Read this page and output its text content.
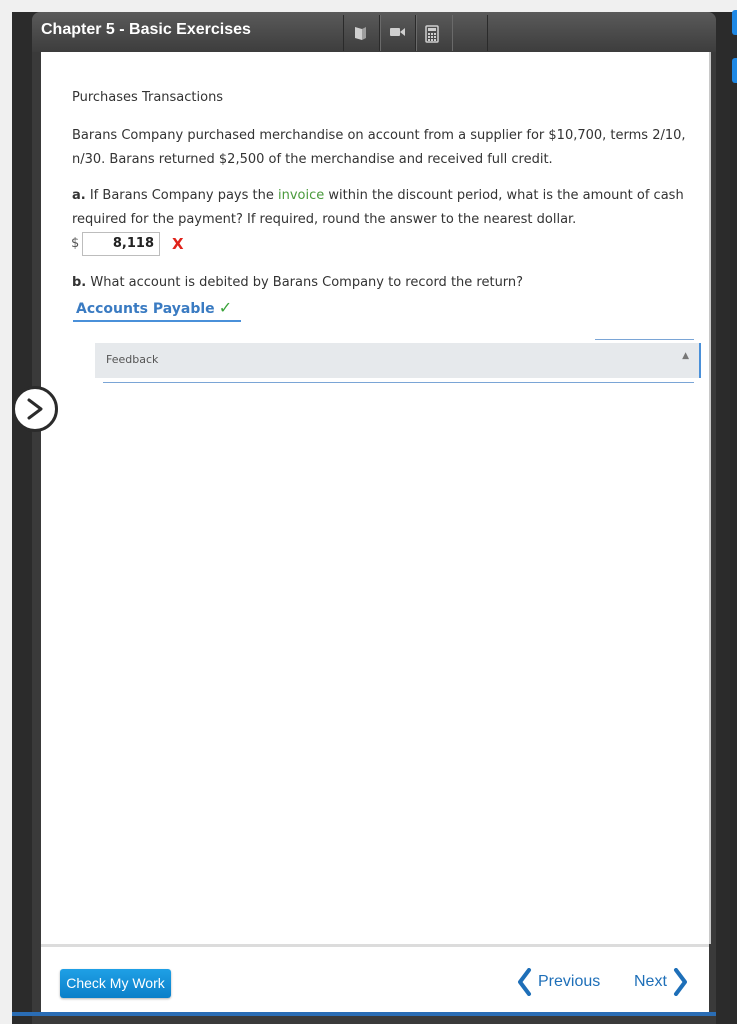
Chapter 5 - Basic Exercises
Purchases Transactions
Barans Company purchased merchandise on account from a supplier for $10,700, terms 2/10, n/30. Barans returned $2,500 of the merchandise and received full credit.
a. If Barans Company pays the invoice within the discount period, what is the amount of cash required for the payment? If required, round the answer to the nearest dollar.
$	8,118	X
b. What account is debited by Barans Company to record the return?
Accounts Payable ✓
Feedback	▲
Check My Work	Previous Next
